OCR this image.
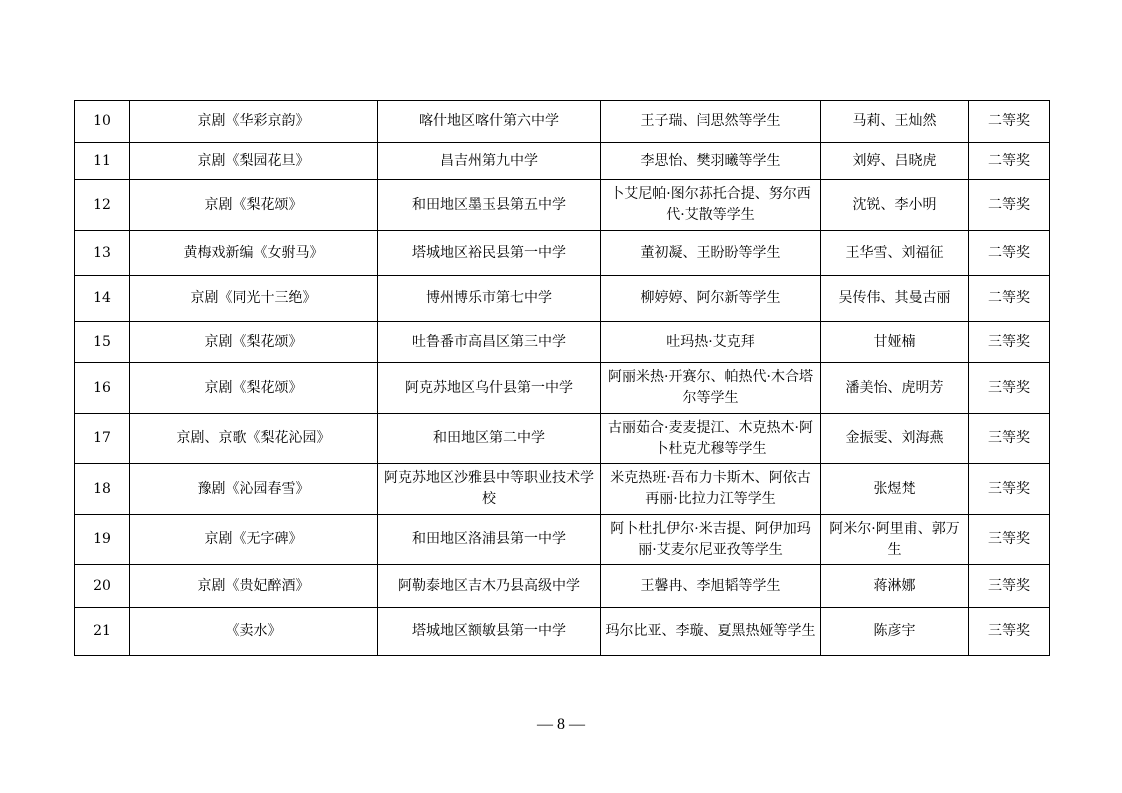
10	京剧《华彩京韵》	喀什地区喀什第六中学	王子瑞、闫思然等学生	马莉、王灿然	二等奖
11	京剧《梨园花旦》	昌吉州第九中学	李思怡、樊羽曦等学生	刘婷、吕晓虎	二等奖
12	京剧《梨花颂》	和田地区墨玉县第五中学	卜艾尼帕·图尔荪托合提、努尔西代·艾散等学生	沈锐、李小明	二等奖
13	黄梅戏新编《女驸马》	塔城地区裕民县第一中学	董初凝、王盼盼等学生	王华雪、刘福征	二等奖
14	京剧《同光十三绝》	博州博乐市第七中学	柳婷婷、阿尔新等学生	吴传伟、其曼古丽	二等奖
15	京剧《梨花颂》	吐鲁番市高昌区第三中学	吐玛热·艾克拜	甘娅楠	三等奖
16	京剧《梨花颂》	阿克苏地区乌什县第一中学	阿丽米热·开赛尔、帕热代·木合塔尔等学生	潘美怡、虎明芳	三等奖
17	京剧、京歌《梨花沁园》	和田地区第二中学	古丽茹合·麦麦提江、木克热木·阿卜杜克尤穆等学生	金振雯、刘海燕	三等奖
18	豫剧《沁园春雪》	阿克苏地区沙雅县中等职业技术学校	米克热班·吾布力卡斯木、阿依古再丽·比拉力江等学生	张煜梵	三等奖
19	京剧《无字碑》	和田地区洛浦县第一中学	阿卜杜扎伊尔·米吉提、阿伊加玛丽·艾麦尔尼亚孜等学生	阿米尔·阿里甫、郭万生	三等奖
20	京剧《贵妃醉酒》	阿勒泰地区吉木乃县高级中学	王馨冉、李旭韬等学生	蒋淋娜	三等奖
21	《卖水》	塔城地区额敏县第一中学	玛尔比亚、李璇、夏黑热娅等学生	陈彦宇	三等奖
— 8 —
